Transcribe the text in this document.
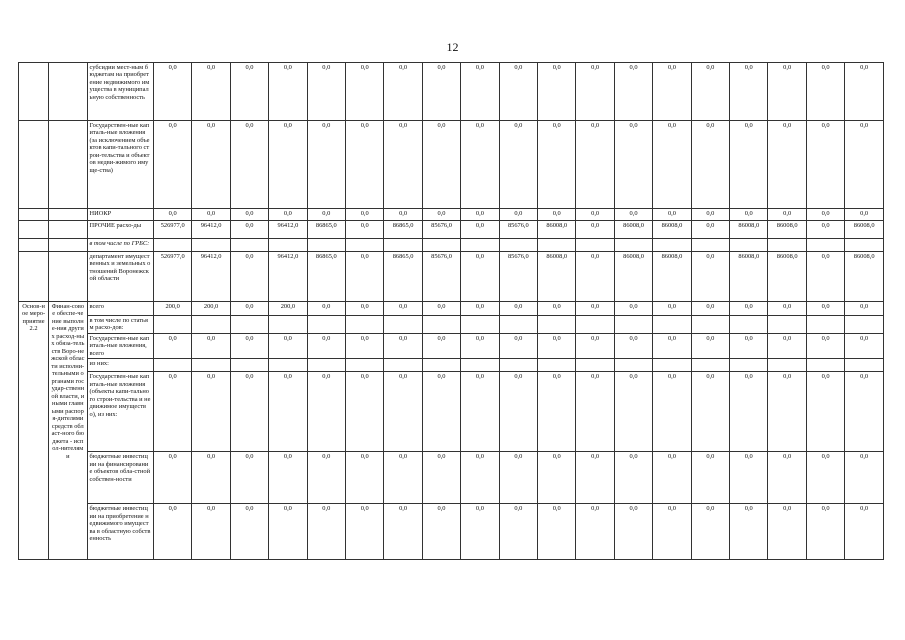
12
		субсидии мест-ным бюджетам на приобретение недвижимого имущества в муниципальную собственность	0,0	0,0	0,0	0,0	0,0	0,0	0,0	0,0	0,0	0,0	0,0	0,0	0,0	0,0	0,0	0,0	0,0	0,0	0,0
		Государствен-ные капиталь-ные вложения (за исключением объектов капи-тального строи-тельства и объектов недви-жимого имуще-ства)	0,0	0,0	0,0	0,0	0,0	0,0	0,0	0,0	0,0	0,0	0,0	0,0	0,0	0,0	0,0	0,0	0,0	0,0	0,0
		НИОКР	0,0	0,0	0,0	0,0	0,0	0,0	0,0	0,0	0,0	0,0	0,0	0,0	0,0	0,0	0,0	0,0	0,0	0,0	0,0
		ПРОЧИЕ расхо-ды	526977,0	96412,0	0,0	96412,0	86865,0	0,0	86865,0	85676,0	0,0	85676,0	86008,0	0,0	86008,0	86008,0	0,0	86008,0	86008,0	0,0	86008,0
		в том числе по ГРБС:																			
		департамент имущественных и земельных отношений Воронежской области	526977,0	96412,0	0,0	96412,0	86865,0	0,0	86865,0	85676,0	0,0	85676,0	86008,0	0,0	86008,0	86008,0	0,0	86008,0	86008,0	0,0	86008,0
Основ-ное меро-приятие 2.2	Финан-совое обеспе-чение выполне-ния других расход-ных обяза-тельств Воро-нежской области исполни-тельными органами государ-ственной власти, иными главными распоря-дителями средств област-ного бюджета - испол-нителями	всего	200,0	200,0	0,0	200,0	0,0	0,0	0,0	0,0	0,0	0,0	0,0	0,0	0,0	0,0	0,0	0,0	0,0	0,0	0,0
		в том числе по статьям расхо-дов:																			
		Государствен-ные капиталь-ные вложения, всего	0,0	0,0	0,0	0,0	0,0	0,0	0,0	0,0	0,0	0,0	0,0	0,0	0,0	0,0	0,0	0,0	0,0	0,0	0,0
		из них:																			
		Государствен-ные капиталь-ные вложения (объекты капи-тального строи-тельства и недвижимое имущество), из них:	0,0	0,0	0,0	0,0	0,0	0,0	0,0	0,0	0,0	0,0	0,0	0,0	0,0	0,0	0,0	0,0	0,0	0,0	0,0
		бюджетные инвестиции на финансирование объектов обла-стной собствен-ности	0,0	0,0	0,0	0,0	0,0	0,0	0,0	0,0	0,0	0,0	0,0	0,0	0,0	0,0	0,0	0,0	0,0	0,0	0,0
		бюджетные инвестиции на приобретение недвижимого имущества в областную собственность	0,0	0,0	0,0	0,0	0,0	0,0	0,0	0,0	0,0	0,0	0,0	0,0	0,0	0,0	0,0	0,0	0,0	0,0	0,0
